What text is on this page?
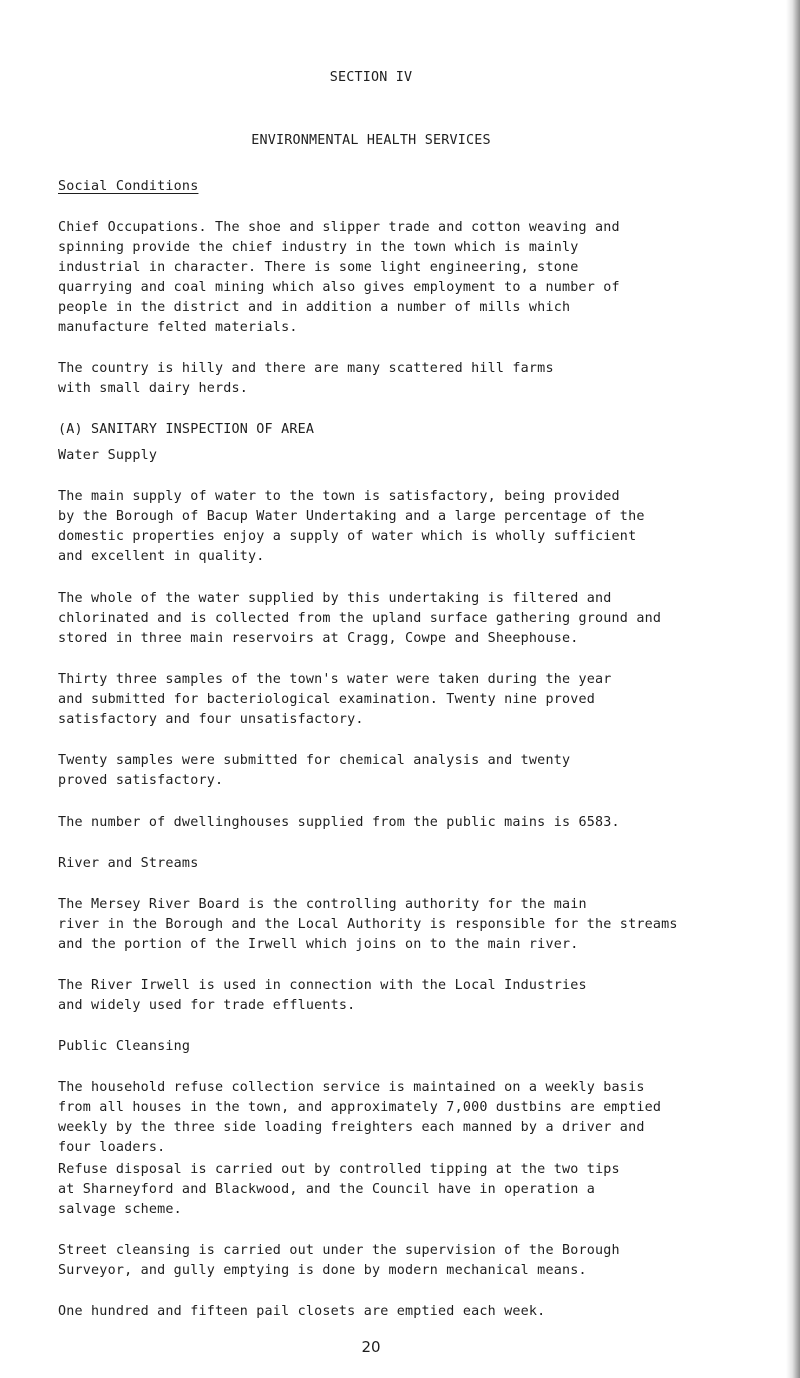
SECTION IV
ENVIRONMENTAL HEALTH SERVICES
Social Conditions
Chief Occupations. The shoe and slipper trade and cotton weaving and
spinning provide the chief industry in the town which is mainly
industrial in character. There is some light engineering, stone
quarrying and coal mining which also gives employment to a number of
people in the district and in addition a number of mills which
manufacture felted materials.
The country is hilly and there are many scattered hill farms
with small dairy herds.
(A) SANITARY INSPECTION OF AREA
Water Supply
The main supply of water to the town is satisfactory, being provided
by the Borough of Bacup Water Undertaking and a large percentage of the
domestic properties enjoy a supply of water which is wholly sufficient
and excellent in quality.
The whole of the water supplied by this undertaking is filtered and
chlorinated and is collected from the upland surface gathering ground and
stored in three main reservoirs at Cragg, Cowpe and Sheephouse.
Thirty three samples of the town's water were taken during the year
and submitted for bacteriological examination. Twenty nine proved
satisfactory and four unsatisfactory.
Twenty samples were submitted for chemical analysis and twenty
proved satisfactory.
The number of dwellinghouses supplied from the public mains is 6583.
River and Streams
The Mersey River Board is the controlling authority for the main
river in the Borough and the Local Authority is responsible for the streams
and the portion of the Irwell which joins on to the main river.
The River Irwell is used in connection with the Local Industries
and widely used for trade effluents.
Public Cleansing
The household refuse collection service is maintained on a weekly basis
from all houses in the town, and approximately 7,000 dustbins are emptied
weekly by the three side loading freighters each manned by a driver and
four loaders.
Refuse disposal is carried out by controlled tipping at the two tips
at Sharneyford and Blackwood, and the Council have in operation a
salvage scheme.
Street cleansing is carried out under the supervision of the Borough
Surveyor, and gully emptying is done by modern mechanical means.
One hundred and fifteen pail closets are emptied each week.
20
